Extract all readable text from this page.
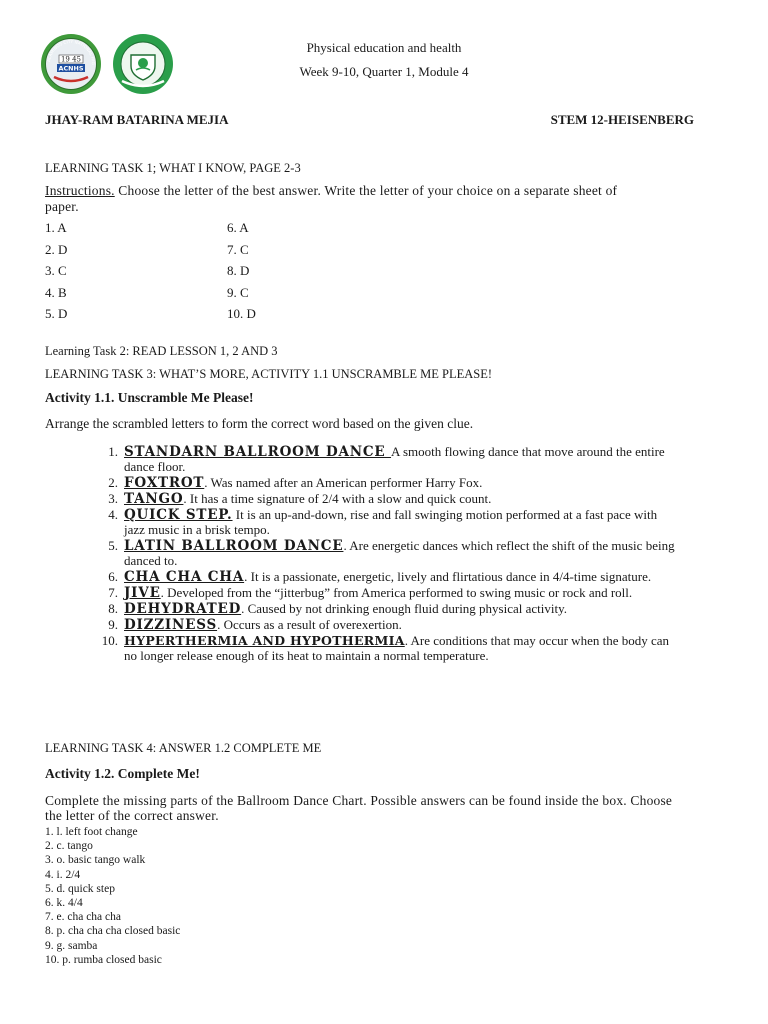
ALAMINOS CITY NATIONAL HIG
19 45
ACNHS
Physical education and health
Week 9-10, Quarter 1, Module 4
JHAY-RAM BATARINA MEJIA	STEM 12-HEISENBERG
LEARNING TASK 1; WHAT I KNOW, PAGE 2-3
Instructions. Choose the letter of the best answer. Write the letter of your choice on a separate sheet of paper.
1. A
2. D
3. C
4. B
5. D
6. A
7. C
8. D
9. C
10. D
Learning Task 2: READ LESSON 1, 2 AND 3
LEARNING TASK 3: WHAT’S MORE, ACTIVITY 1.1 UNSCRAMBLE ME PLEASE!
Activity 1.1. Unscramble Me Please!
Arrange the scrambled letters to form the correct word based on the given clue.
1. STANDARN BALLROOM DANCE A smooth flowing dance that move around the entire dance floor.
2. FOXTROT. Was named after an American performer Harry Fox.
3. TANGO. It has a time signature of 2/4 with a slow and quick count.
4. QUICK STEP. It is an up-and-down, rise and fall swinging motion performed at a fast pace with jazz music in a brisk tempo.
5. LATIN BALLROOM DANCE. Are energetic dances which reflect the shift of the music being danced to.
6. CHA CHA CHA. It is a passionate, energetic, lively and flirtatious dance in 4/4-time signature.
7. JIVE. Developed from the “jitterbug” from America performed to swing music or rock and roll.
8. DEHYDRATED. Caused by not drinking enough fluid during physical activity.
9. DIZZINESS. Occurs as a result of overexertion.
10. HYPERTHERMIA AND HYPOTHERMIA. Are conditions that may occur when the body can no longer release enough of its heat to maintain a normal temperature.
LEARNING TASK 4: ANSWER 1.2 COMPLETE ME
Activity 1.2. Complete Me!
Complete the missing parts of the Ballroom Dance Chart. Possible answers can be found inside the box. Choose the letter of the correct answer.
1. l. left foot change
2. c. tango
3. o. basic tango walk
4. i. 2/4
5. d. quick step
6. k. 4/4
7. e. cha cha cha
8. p. cha cha cha closed basic
9. g. samba
10. p. rumba closed basic
